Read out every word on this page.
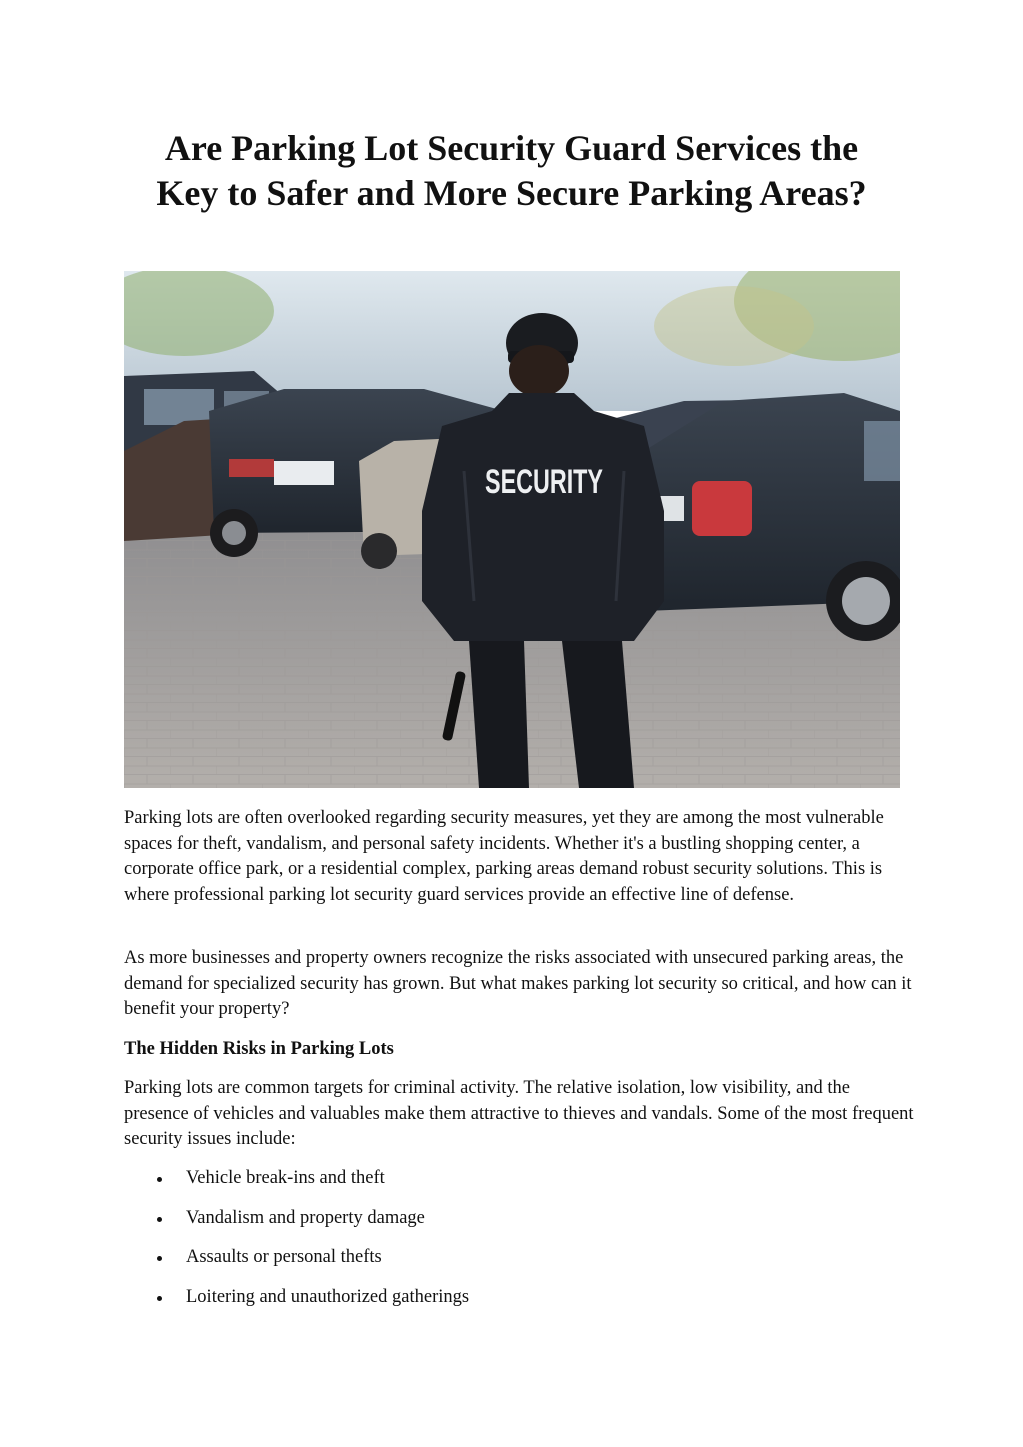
Are Parking Lot Security Guard Services the
Key to Safer and More Secure Parking Areas?
SECURITY

Parking lots are often overlooked regarding security measures, yet they are among the most vulnerable spaces for theft, vandalism, and personal safety incidents. Whether it's a bustling shopping center, a corporate office park, or a residential complex, parking areas demand robust security solutions. This is where professional parking lot security guard services provide an effective line of defense.

As more businesses and property owners recognize the risks associated with unsecured parking areas, the demand for specialized security has grown. But what makes parking lot security so critical, and how can it benefit your property?

The Hidden Risks in Parking Lots

Parking lots are common targets for criminal activity. The relative isolation, low visibility, and the presence of vehicles and valuables make them attractive to thieves and vandals. Some of the most frequent security issues include:

Vehicle break-ins and theft
Vandalism and property damage
Assaults or personal thefts
Loitering and unauthorized gatherings
